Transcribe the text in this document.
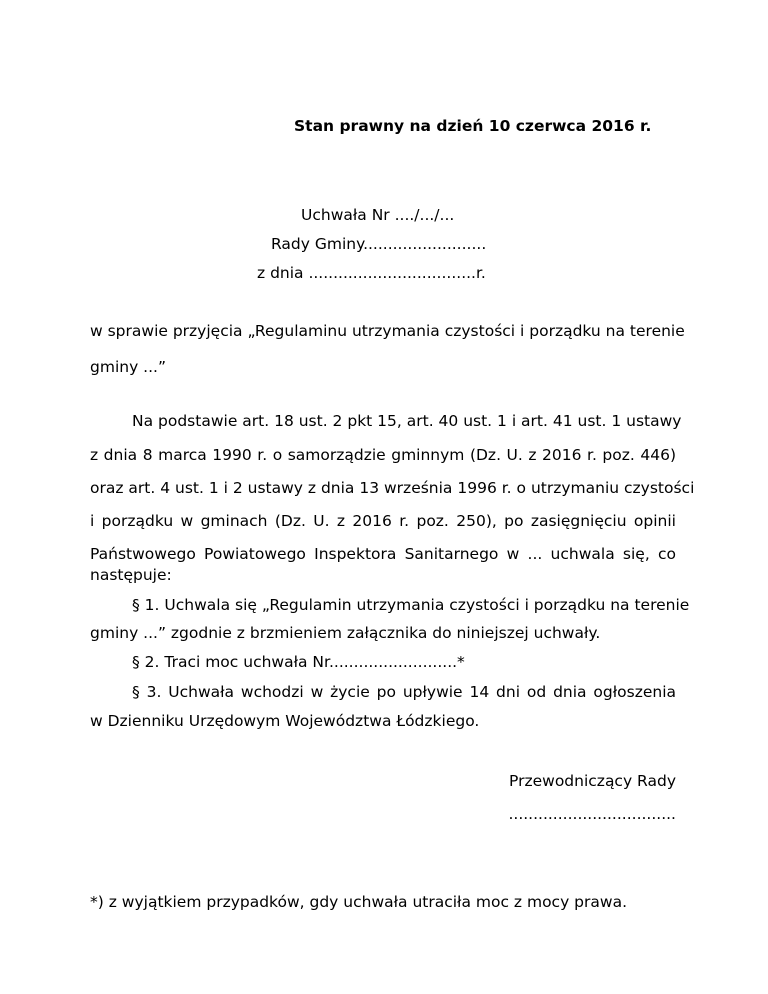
Stan prawny na dzień 10 czerwca 2016 r.
Uchwała Nr ..../.../...
Rady Gminy.........................
z dnia ..................................r.
w sprawie przyjęcia „Regulaminu utrzymania czystości i porządku na terenie
gminy ...”
Na podstawie art. 18 ust. 2 pkt 15, art. 40 ust. 1 i art. 41 ust. 1 ustawy
z dnia 8 marca 1990 r. o samorządzie gminnym (Dz. U. z 2016 r. poz. 446)
oraz art. 4 ust. 1 i 2 ustawy z dnia 13 września 1996 r. o utrzymaniu czystości
i porządku w gminach (Dz. U. z 2016 r. poz. 250), po zasięgnięciu opinii
Państwowego Powiatowego Inspektora Sanitarnego w ... uchwala się, co
następuje:
§ 1. Uchwala się „Regulamin utrzymania czystości i porządku na terenie
gminy ...” zgodnie z brzmieniem załącznika do niniejszej uchwały.
§ 2. Traci moc uchwała Nr..........................*
§ 3. Uchwała wchodzi w życie po upływie 14 dni od dnia ogłoszenia
w Dzienniku Urzędowym Województwa Łódzkiego.
Przewodniczący Rady
..................................
*) z wyjątkiem przypadków, gdy uchwała utraciła moc z mocy prawa.
